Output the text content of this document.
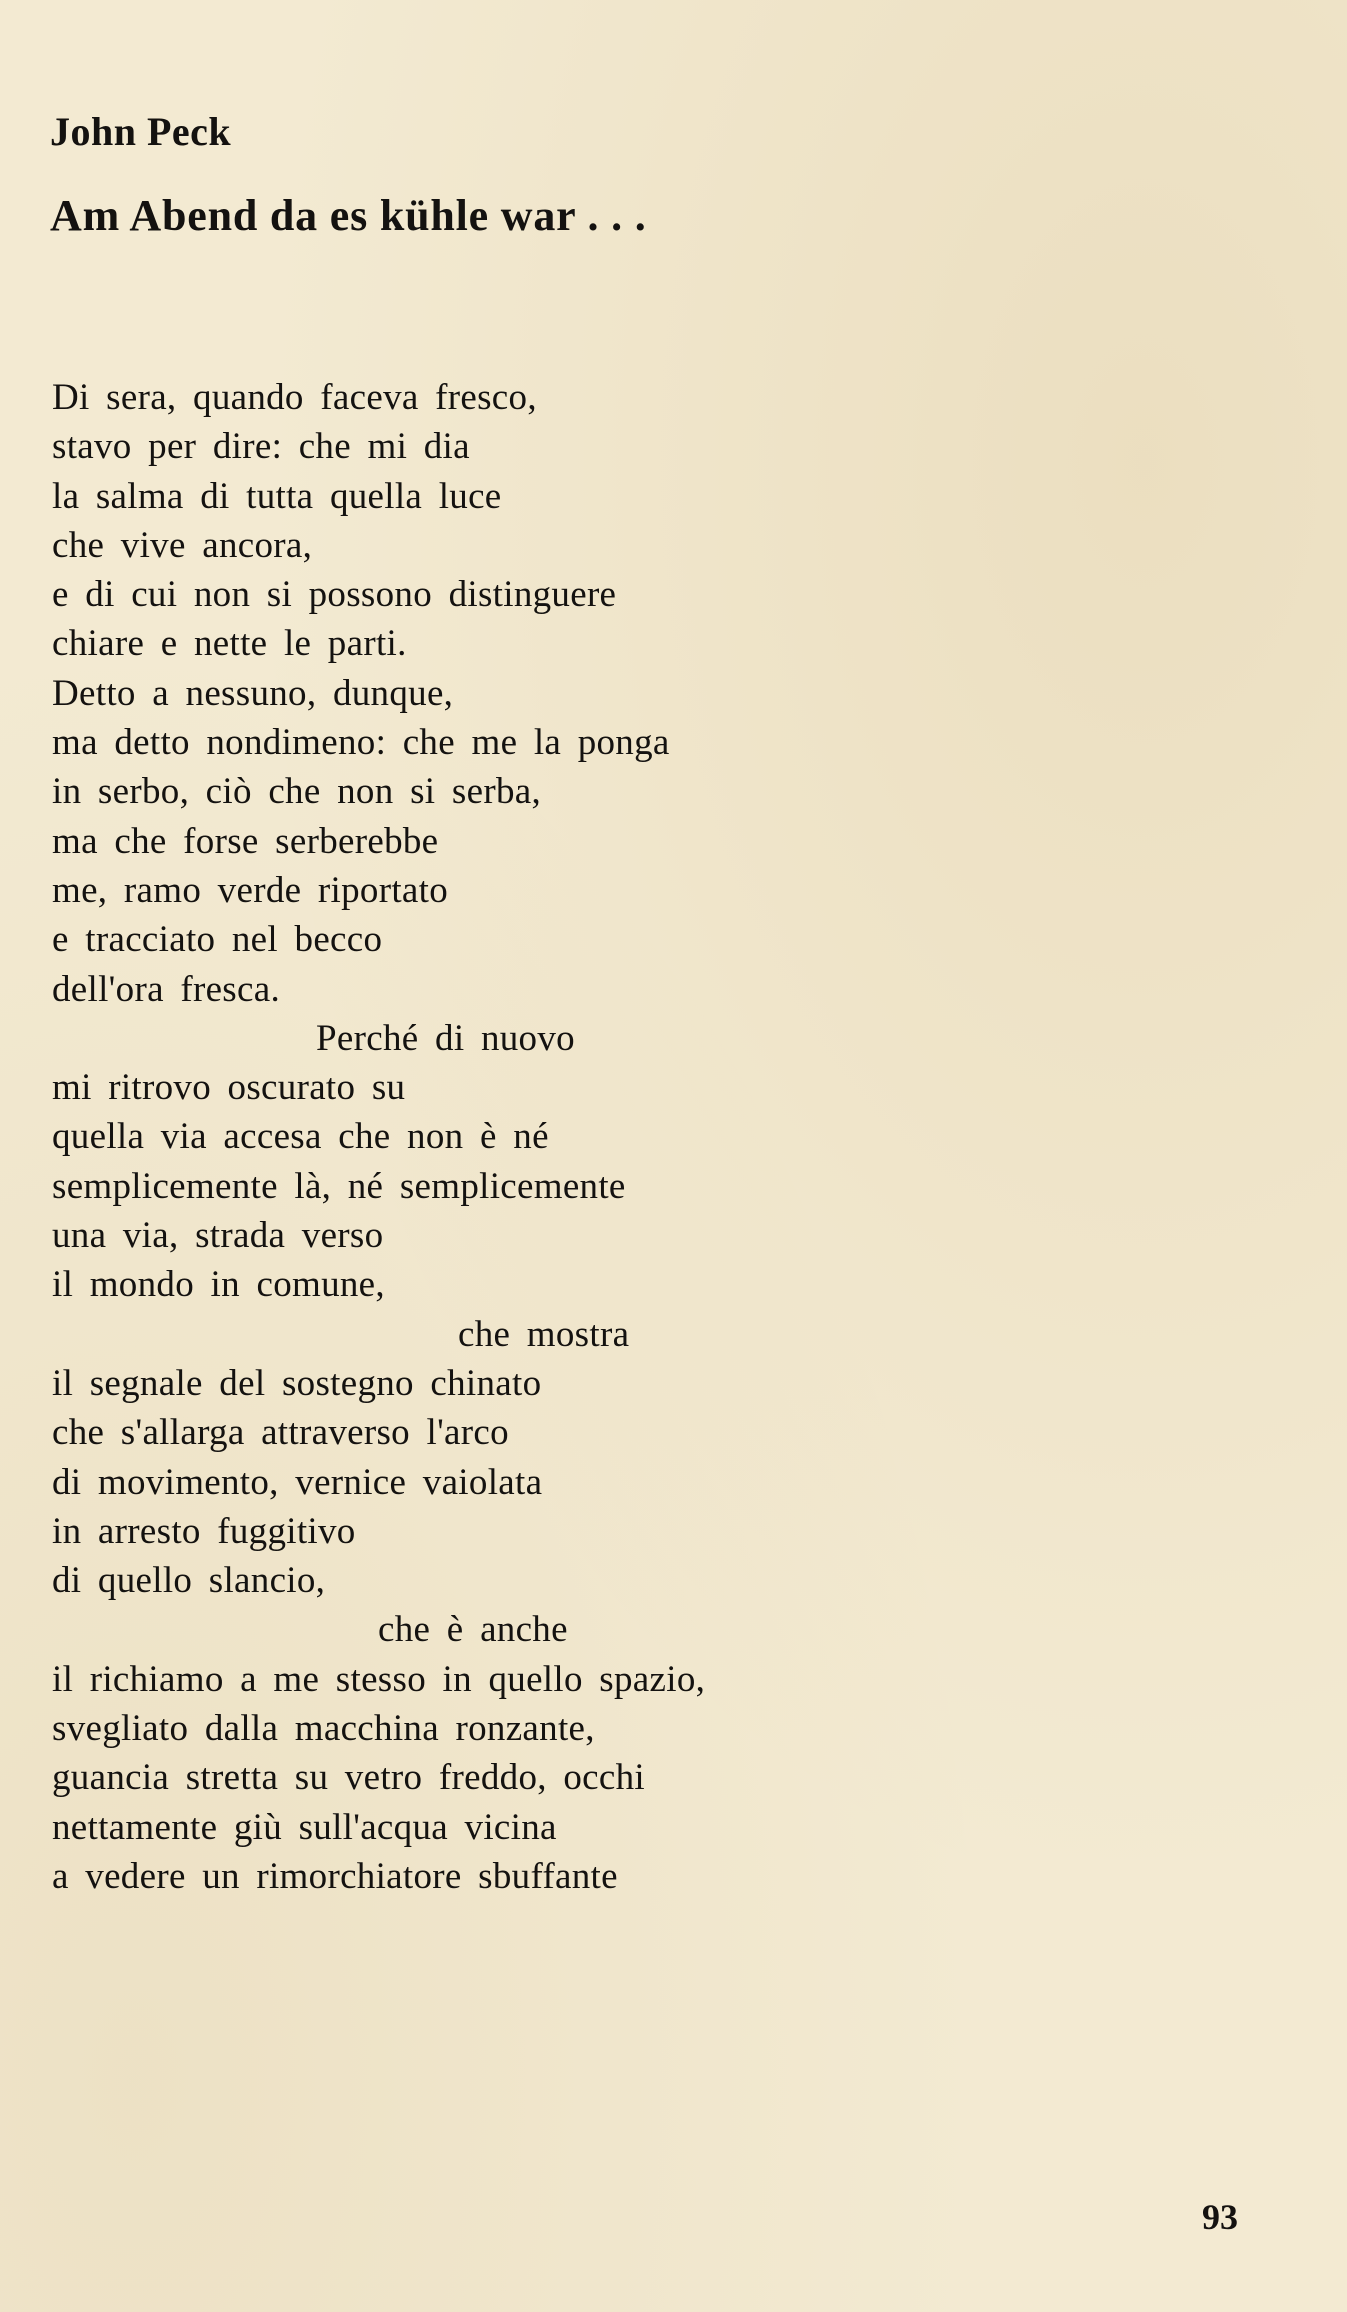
John Peck
Am Abend da es kühle war . . .
Di sera, quando faceva fresco,
stavo per dire: che mi dia
la salma di tutta quella luce
che vive ancora,
e di cui non si possono distinguere
chiare e nette le parti.
Detto a nessuno, dunque,
ma detto nondimeno: che me la ponga
in serbo, ciò che non si serba,
ma che forse serberebbe
me, ramo verde riportato
e tracciato nel becco
dell'ora fresca.
Perché di nuovo
mi ritrovo oscurato su
quella via accesa che non è né
semplicemente là, né semplicemente
una via, strada verso
il mondo in comune,
che mostra
il segnale del sostegno chinato
che s'allarga attraverso l'arco
di movimento, vernice vaiolata
in arresto fuggitivo
di quello slancio,
che è anche
il richiamo a me stesso in quello spazio,
svegliato dalla macchina ronzante,
guancia stretta su vetro freddo, occhi
nettamente giù sull'acqua vicina
a vedere un rimorchiatore sbuffante
93
